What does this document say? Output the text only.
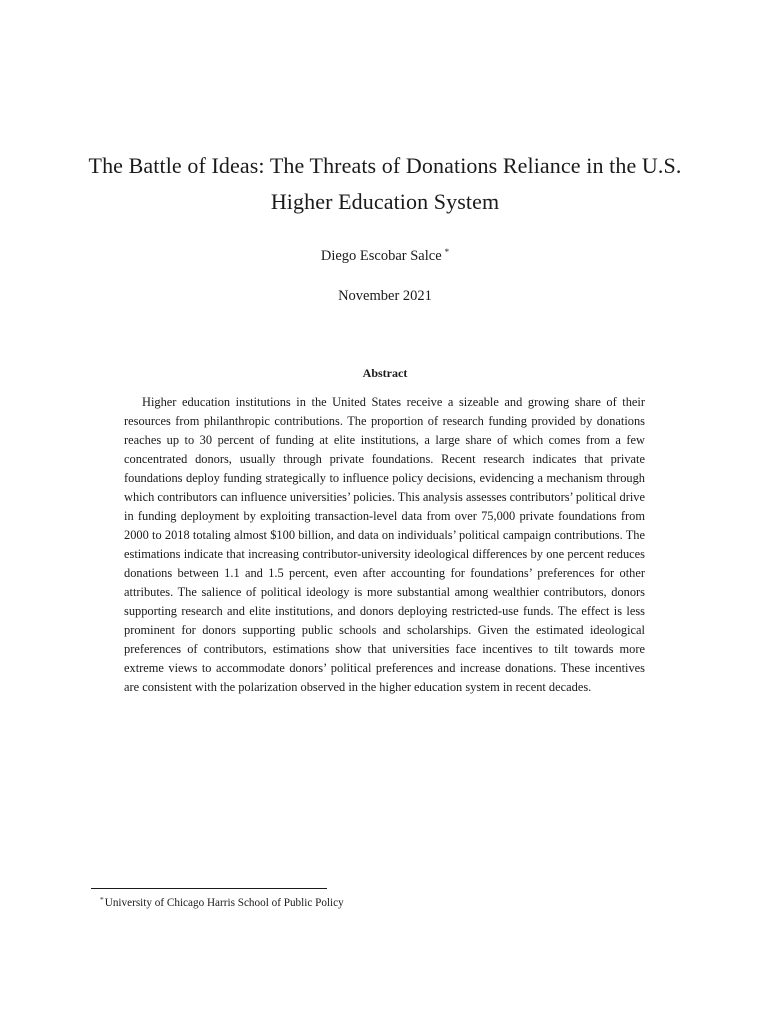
The Battle of Ideas: The Threats of Donations Reliance in the U.S. Higher Education System
Diego Escobar Salce *
November 2021
Abstract

Higher education institutions in the United States receive a sizeable and growing share of their resources from philanthropic contributions. The proportion of research funding provided by donations reaches up to 30 percent of funding at elite institutions, a large share of which comes from a few concentrated donors, usually through private foundations. Recent research indicates that private foundations deploy funding strategically to influence policy decisions, evidencing a mechanism through which contributors can influence universities’ policies. This analysis assesses contributors’ political drive in funding deployment by exploiting transaction-level data from over 75,000 private foundations from 2000 to 2018 totaling almost $100 billion, and data on individuals’ political campaign contributions. The estimations indicate that increasing contributor-university ideological differences by one percent reduces donations between 1.1 and 1.5 percent, even after accounting for foundations’ preferences for other attributes. The salience of political ideology is more substantial among wealthier contributors, donors supporting research and elite institutions, and donors deploying restricted-use funds. The effect is less prominent for donors supporting public schools and scholarships. Given the estimated ideological preferences of contributors, estimations show that universities face incentives to tilt towards more extreme views to accommodate donors’ political preferences and increase donations. These incentives are consistent with the polarization observed in the higher education system in recent decades.

*University of Chicago Harris School of Public Policy
